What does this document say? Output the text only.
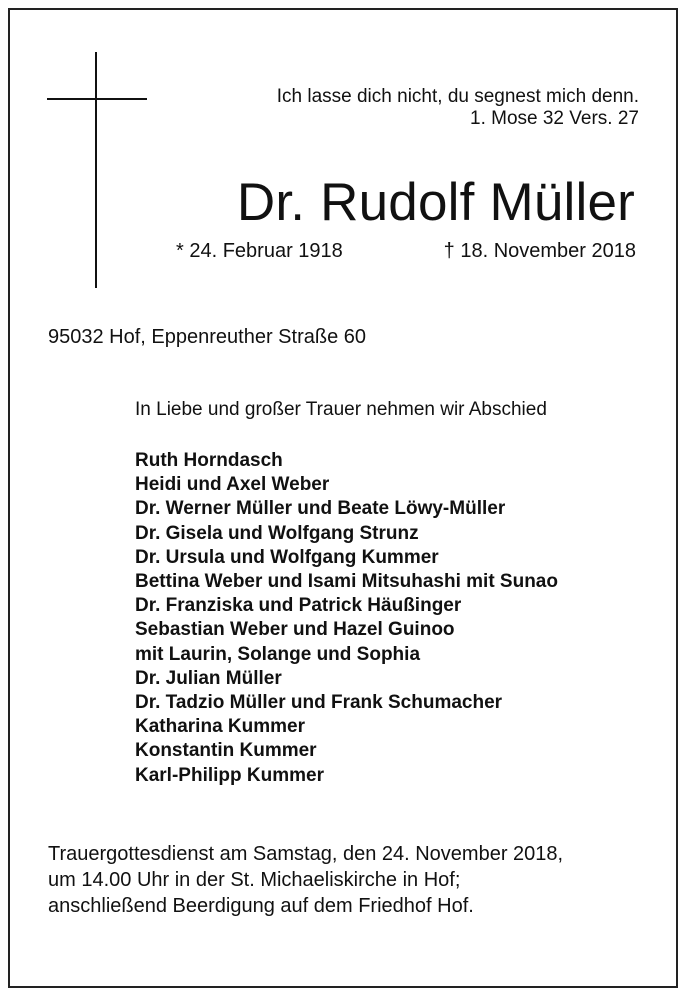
Ich lasse dich nicht, du segnest mich denn.
1. Mose 32 Vers. 27
Dr. Rudolf Müller
* 24. Februar 1918	† 18. November 2018
95032 Hof, Eppenreuther Straße 60
In Liebe und großer Trauer nehmen wir Abschied
Ruth Horndasch
Heidi und Axel Weber
Dr. Werner Müller und Beate Löwy-Müller
Dr. Gisela und Wolfgang Strunz
Dr. Ursula und Wolfgang Kummer
Bettina Weber und Isami Mitsuhashi mit Sunao
Dr. Franziska und Patrick Häußinger
Sebastian Weber und Hazel Guinoo
mit Laurin, Solange und Sophia
Dr. Julian Müller
Dr. Tadzio Müller und Frank Schumacher
Katharina Kummer
Konstantin Kummer
Karl-Philipp Kummer
Trauergottesdienst am Samstag, den 24. November 2018,
um 14.00 Uhr in der St. Michaeliskirche in Hof;
anschließend Beerdigung auf dem Friedhof Hof.
